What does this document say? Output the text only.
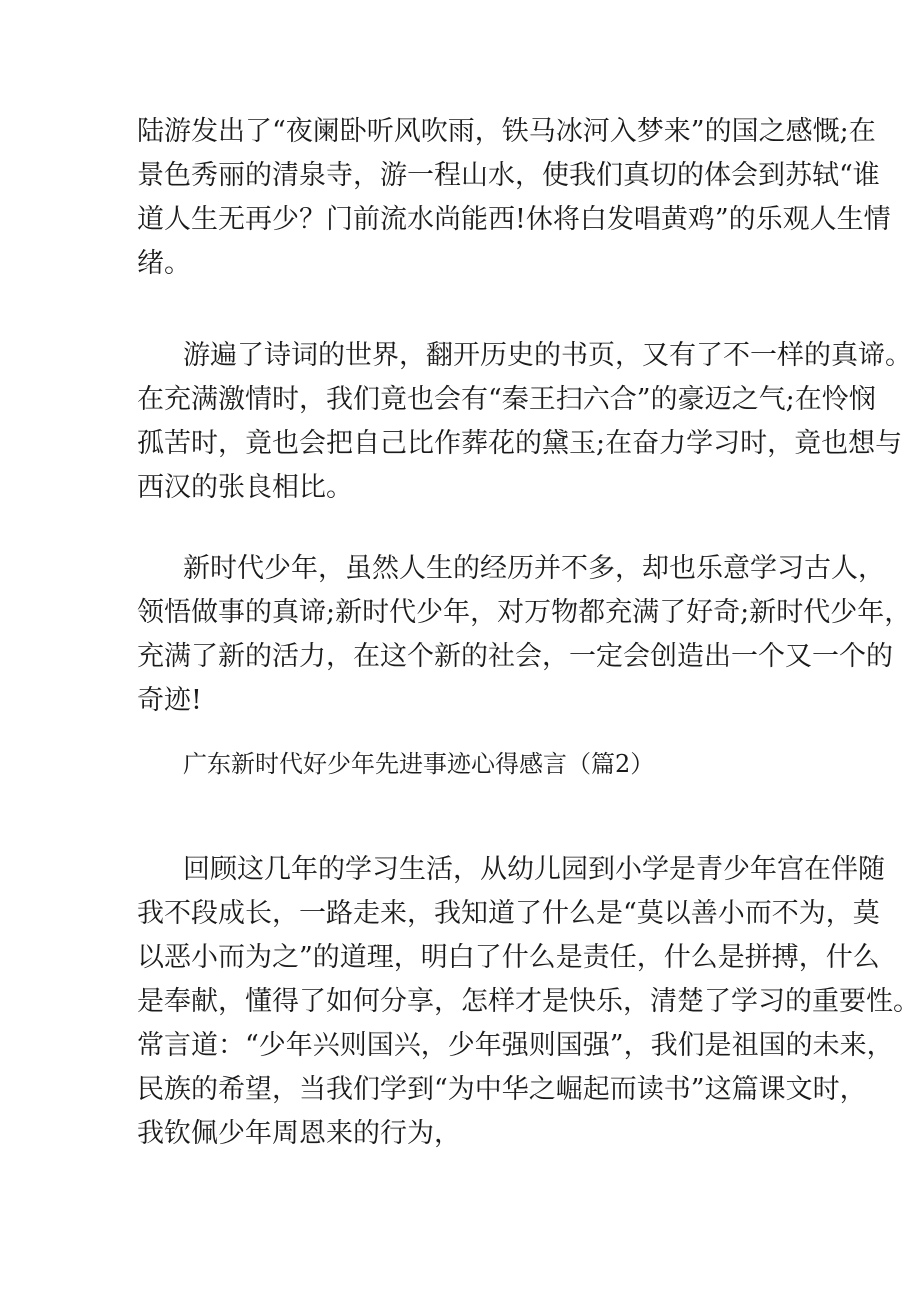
陆游发出了“夜阑卧听风吹雨，铁马冰河入梦来”的国之感慨;在
景色秀丽的清泉寺，游一程山水，使我们真切的体会到苏轼“谁
道人生无再少？门前流水尚能西!休将白发唱黄鸡”的乐观人生情
绪。
游遍了诗词的世界，翻开历史的书页，又有了不一样的真谛。
在充满激情时，我们竟也会有“秦王扫六合”的豪迈之气;在怜悯
孤苦时，竟也会把自己比作葬花的黛玉;在奋力学习时，竟也想与
西汉的张良相比。
新时代少年，虽然人生的经历并不多，却也乐意学习古人，
领悟做事的真谛;新时代少年，对万物都充满了好奇;新时代少年，
充满了新的活力，在这个新的社会，一定会创造出一个又一个的
奇迹!

广东新时代好少年先进事迹心得感言（篇2）

回顾这几年的学习生活，从幼儿园到小学是青少年宫在伴随
我不段成长，一路走来，我知道了什么是“莫以善小而不为，莫
以恶小而为之”的道理，明白了什么是责任，什么是拼搏，什么
是奉献，懂得了如何分享，怎样才是快乐，清楚了学习的重要性。
常言道：“少年兴则国兴，少年强则国强”，我们是祖国的未来，
民族的希望，当我们学到“为中华之崛起而读书”这篇课文时，
我钦佩少年周恩来的行为，
